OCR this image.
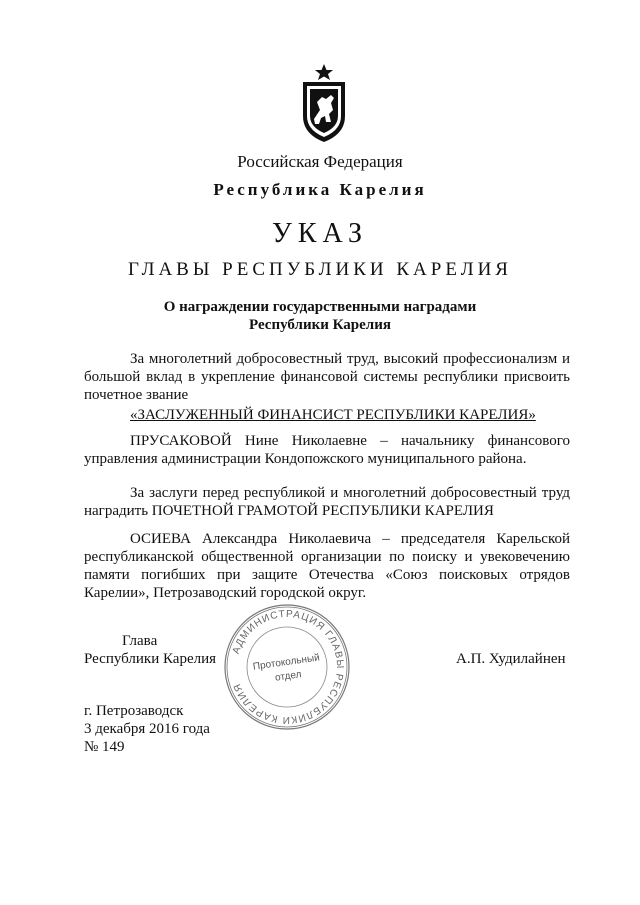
Российская Федерация
Республика Карелия
УКАЗ
ГЛАВЫ РЕСПУБЛИКИ КАРЕЛИЯ
О награждении государственными наградами
Республики Карелия
За многолетний добросовестный труд, высокий профессионализм и большой вклад в укрепление финансовой системы республики присвоить почетное звание
«ЗАСЛУЖЕННЫЙ ФИНАНСИСТ РЕСПУБЛИКИ КАРЕЛИЯ»
ПРУСАКОВОЙ Нине Николаевне – начальнику финансового управления администрации Кондопожского муниципального района.
За заслуги перед республикой и многолетний добросовестный труд наградить ПОЧЕТНОЙ ГРАМОТОЙ РЕСПУБЛИКИ КАРЕЛИЯ
ОСИЕВА Александра Николаевича – председателя Карельской республиканской общественной организации по поиску и увековечению памяти погибших при защите Отечества «Союз поисковых отрядов Карелии», Петрозаводский городской округ.
Глава
Республики Карелия	А.П. Худилайнен
АДМИНИСТРАЦИЯ ГЛАВЫ РЕСПУБЛИКИ КАРЕЛИЯ
Протокольный
отдел
г. Петрозаводск
3 декабря 2016 года
№ 149
